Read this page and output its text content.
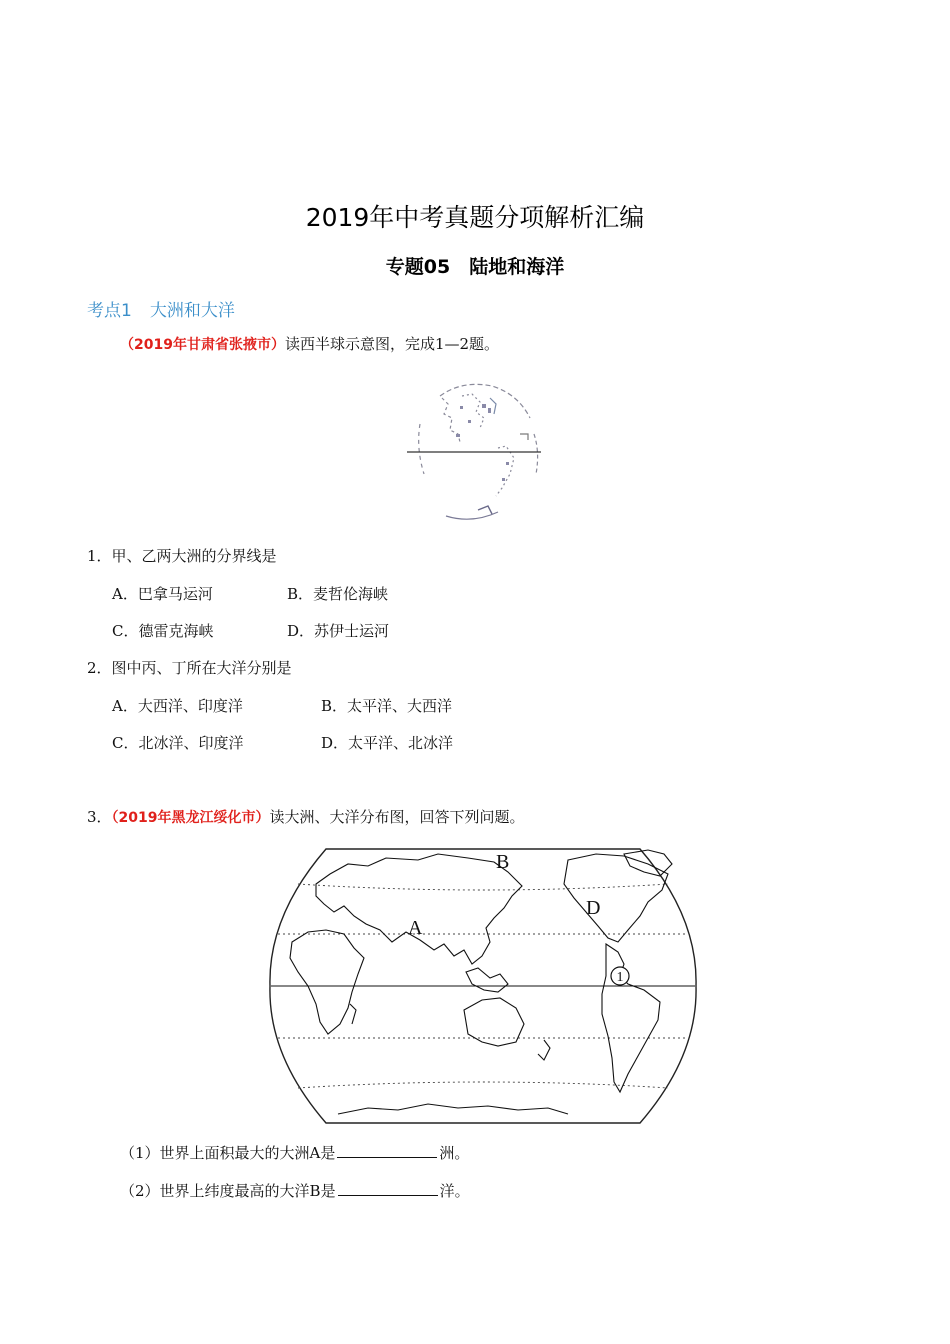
2019年中考真题分项解析汇编
专题05　陆地和海洋
考点1 大洲和大洋
（2019年甘肃省张掖市）读西半球示意图，完成1—2题。
1．甲、乙两大洲的分界线是
A．巴拿马运河	B．麦哲伦海峡
C．德雷克海峡	D．苏伊士运河
2．图中丙、丁所在大洋分别是
A．大西洋、印度洋	B．太平洋、大西洋
C．北冰洋、印度洋	D．太平洋、北冰洋
3．（2019年黑龙江绥化市）读大洲、大洋分布图，回答下列问题。
A
B
D
1
（1）世界上面积最大的大洲A是	洲。
（2）世界上纬度最高的大洋B是	洋。
